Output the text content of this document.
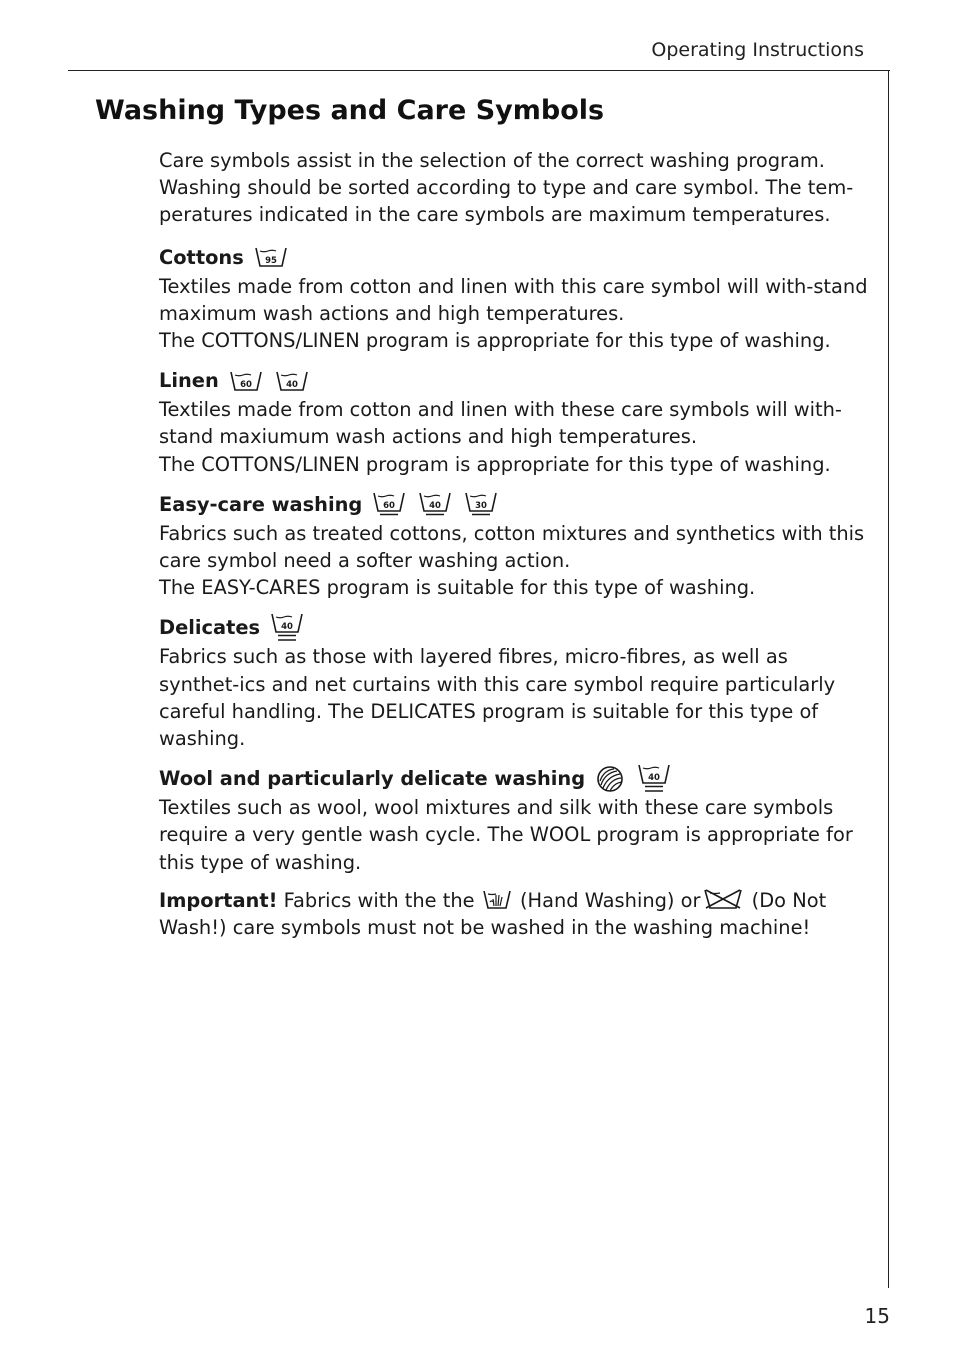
Operating Instructions
Washing Types and Care Symbols

Care symbols assist in the selection of the correct washing program. Washing should be sorted according to type and care symbol. The tem-peratures indicated in the care symbols are maximum temperatures.

Cottons 95

Textiles made from cotton and linen with this care symbol will with-stand maximum wash actions and high temperatures.

The COTTONS/LINEN program is appropriate for this type of washing.

Linen 60	40

Textiles made from cotton and linen with these care symbols will with-stand maxiumum wash actions and high temperatures.

The COTTONS/LINEN program is appropriate for this type of washing.

Easy-care washing 60	40	30

Fabrics such as treated cottons, cotton mixtures and synthetics with this care symbol need a softer washing action.

The EASY-CARES program is suitable for this type of washing.

Delicates 40

Fabrics such as those with layered fibres, micro-fibres, as well as synthet-ics and net curtains with this care symbol require particularly careful handling. The DELICATES program is suitable for this type of washing.

Wool and particularly delicate washing	40

Textiles such as wool, wool mixtures and silk with these care symbols require a very gentle wash cycle. The WOOL program is appropriate for this type of washing.

Important! Fabrics with the the (Hand Washing) or	(Do Not Wash!) care symbols must not be washed in the washing machine!

15
